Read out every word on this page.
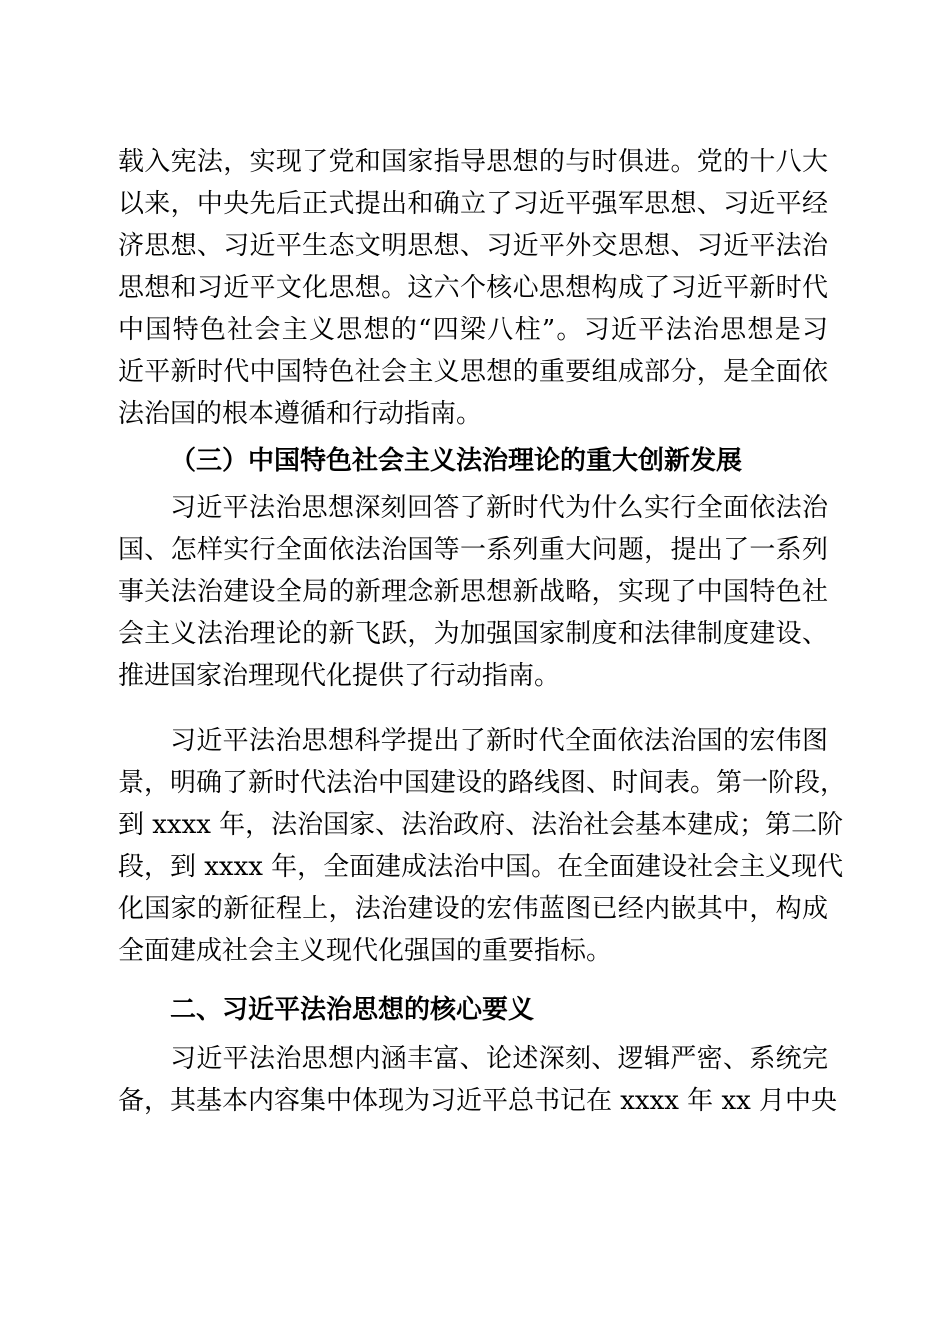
载入宪法，实现了党和国家指导思想的与时俱进。党的十八大
以来，中央先后正式提出和确立了习近平强军思想、习近平经
济思想、习近平生态文明思想、习近平外交思想、习近平法治
思想和习近平文化思想。这六个核心思想构成了习近平新时代
中国特色社会主义思想的“四梁八柱”。习近平法治思想是习
近平新时代中国特色社会主义思想的重要组成部分，是全面依
法治国的根本遵循和行动指南。
（三）中国特色社会主义法治理论的重大创新发展
习近平法治思想深刻回答了新时代为什么实行全面依法治
国、怎样实行全面依法治国等一系列重大问题，提出了一系列
事关法治建设全局的新理念新思想新战略，实现了中国特色社
会主义法治理论的新飞跃，为加强国家制度和法律制度建设、
推进国家治理现代化提供了行动指南。
习近平法治思想科学提出了新时代全面依法治国的宏伟图
景，明确了新时代法治中国建设的路线图、时间表。第一阶段，
到 xxxx 年，法治国家、法治政府、法治社会基本建成；第二阶
段，到 xxxx 年，全面建成法治中国。在全面建设社会主义现代
化国家的新征程上，法治建设的宏伟蓝图已经内嵌其中，构成
全面建成社会主义现代化强国的重要指标。
二、习近平法治思想的核心要义
习近平法治思想内涵丰富、论述深刻、逻辑严密、系统完
备，其基本内容集中体现为习近平总书记在 xxxx 年 xx 月中央
